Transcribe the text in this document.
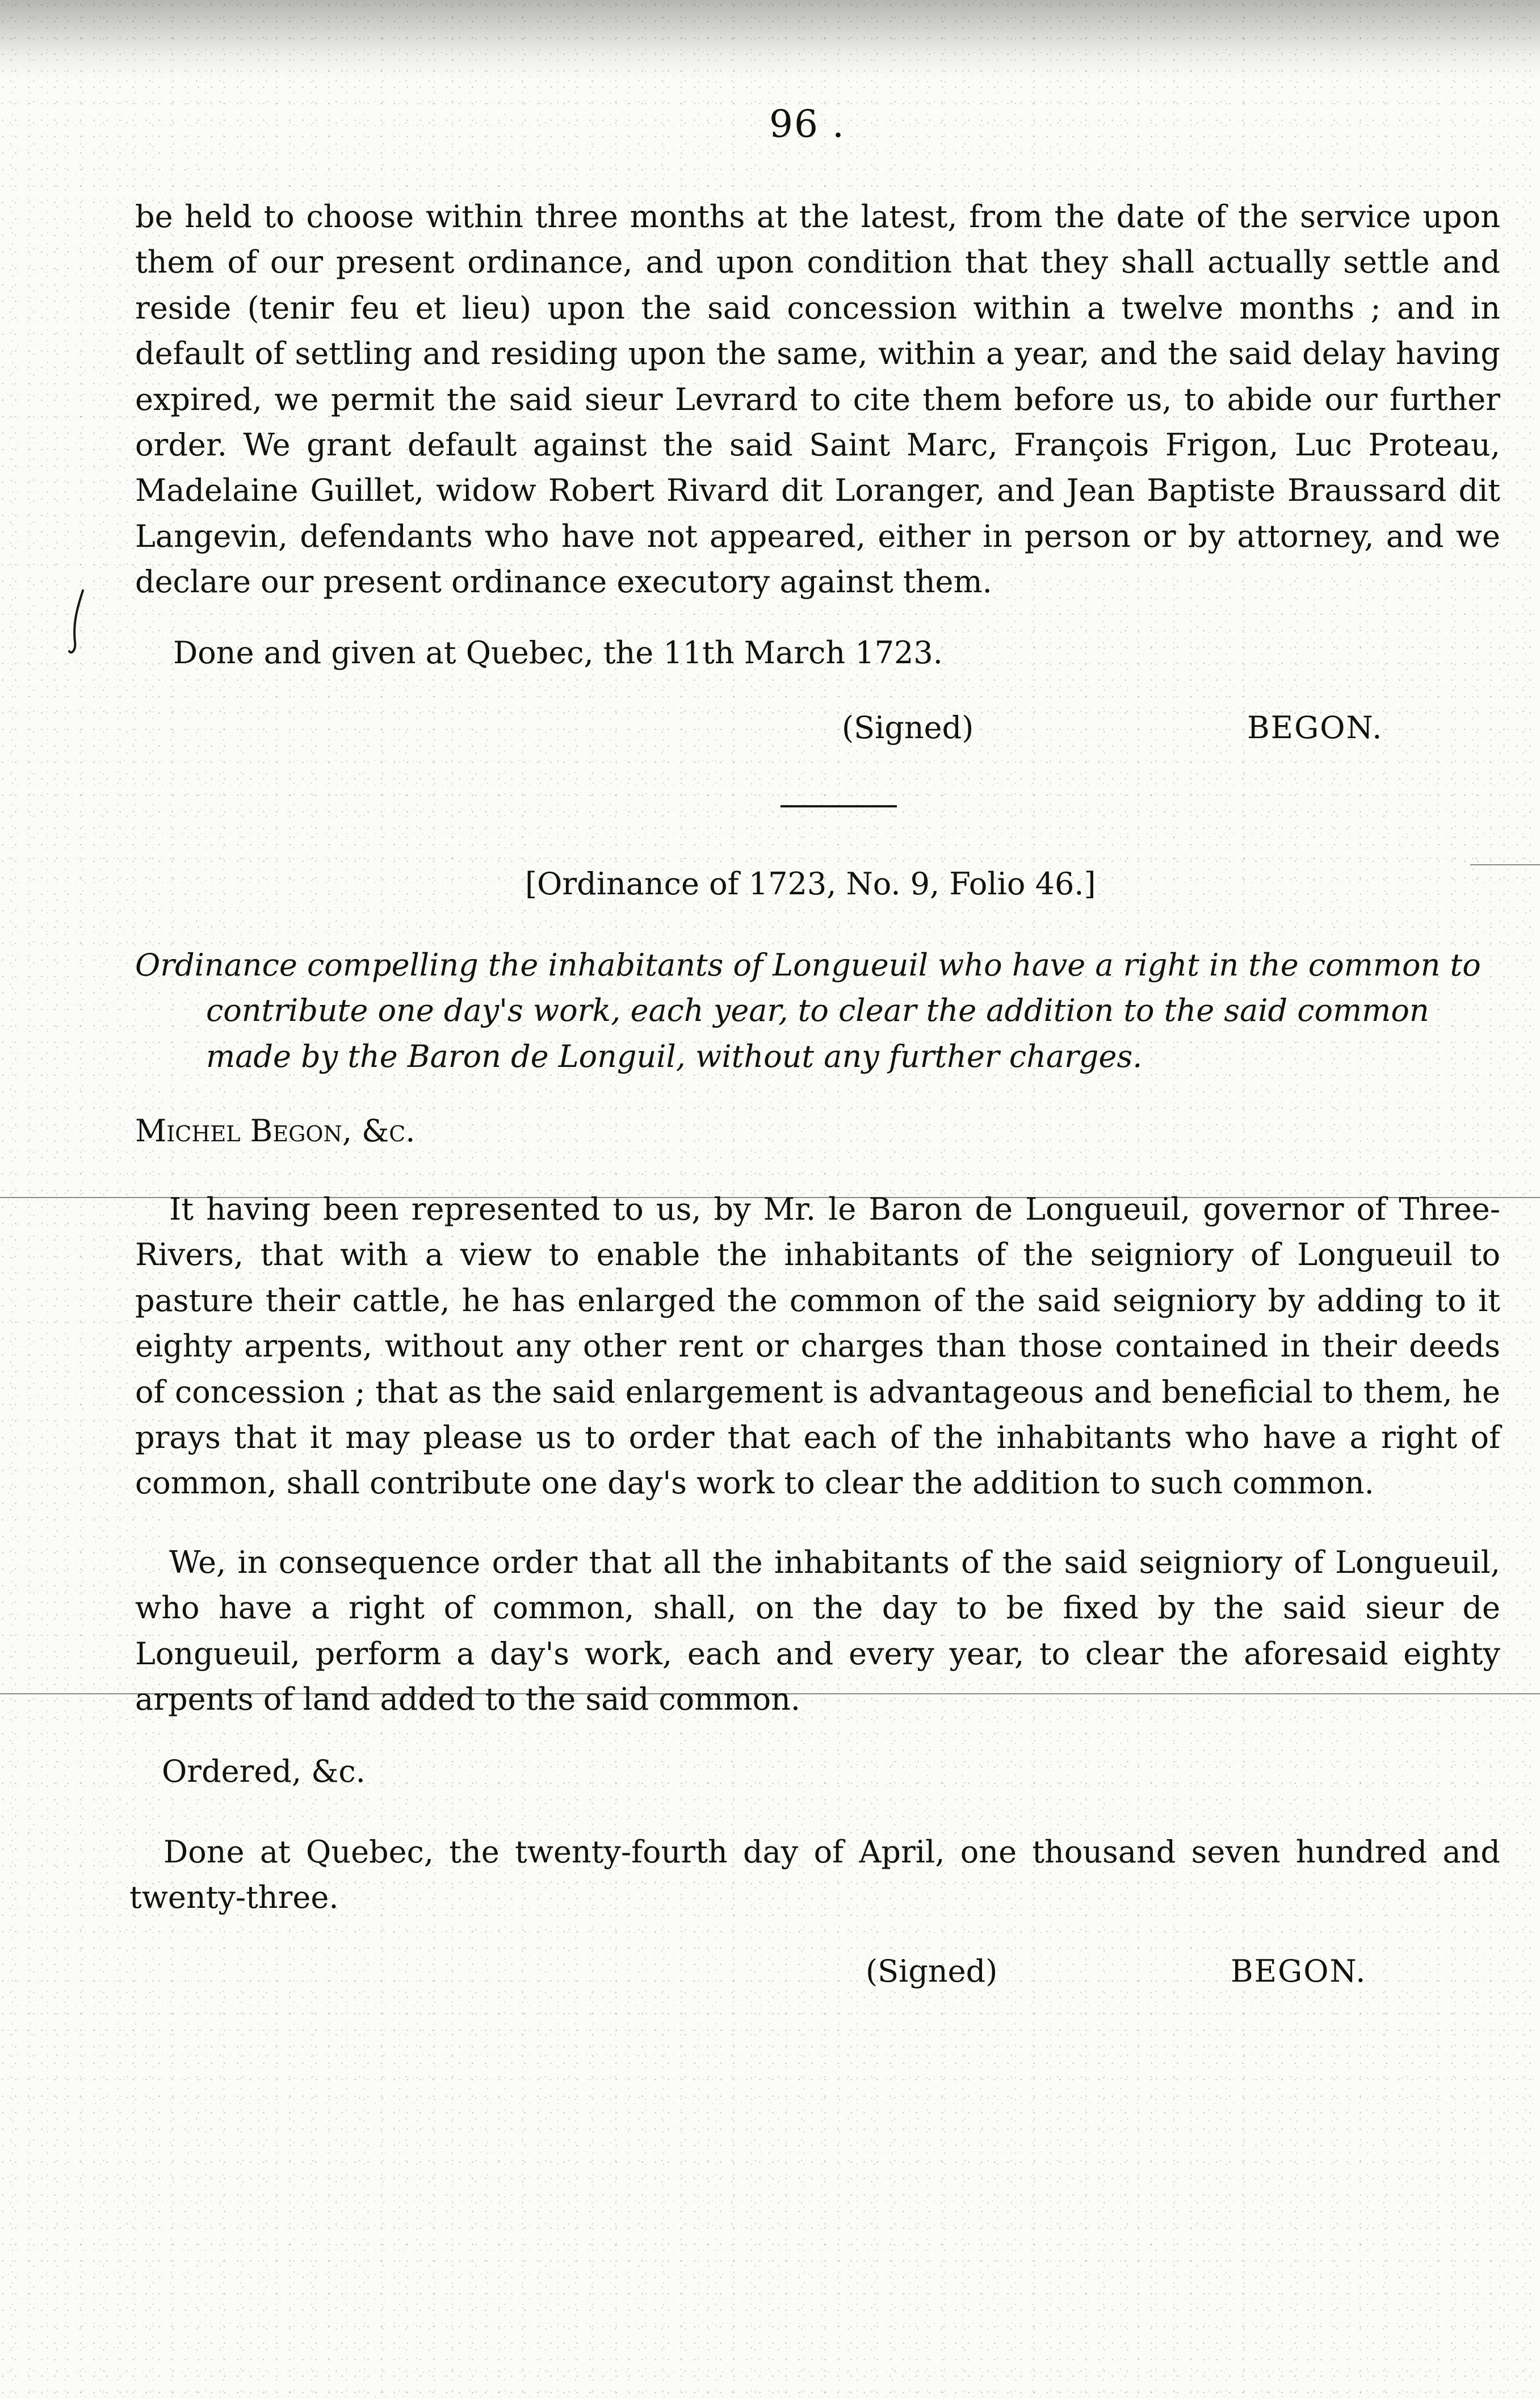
96 .

be held to choose within three months at the latest, from the date of the service upon them of our present ordinance, and upon condition that they shall actually settle and reside (tenir feu et lieu) upon the said concession within a twelve months ; and in default of settling and residing upon the same, within a year, and the said delay having expired, we permit the said sieur Levrard to cite them before us, to abide our further order. We grant default against the said Saint Marc, François Frigon, Luc Proteau, Madelaine Guillet, widow Robert Rivard dit Loranger, and Jean Baptiste Braussard dit Langevin, defendants who have not appeared, either in person or by attorney, and we declare our present ordinance executory against them.

Done and given at Quebec, the 11th March 1723.
(Signed)	BEGON.
[Ordinance of 1723, No. 9, Folio 46.]

Ordinance compelling the inhabitants of Longueuil who have a right in the common to contribute one day's work, each year, to clear the addition to the said common made by the Baron de Longuil, without any further charges.

Michel Begon, &c.

It having been represented to us, by Mr. le Baron de Longueuil, governor of Three-Rivers, that with a view to enable the inhabitants of the seigniory of Longueuil to pasture their cattle, he has enlarged the common of the said seigniory by adding to it eighty arpents, without any other rent or charges than those contained in their deeds of concession ; that as the said enlargement is advantageous and beneficial to them, he prays that it may please us to order that each of the inhabitants who have a right of common, shall contribute one day's work to clear the addition to such common.

We, in consequence order that all the inhabitants of the said seigniory of Longueuil, who have a right of common, shall, on the day to be fixed by the said sieur de Longueuil, perform a day's work, each and every year, to clear the aforesaid eighty arpents of land added to the said common.

Ordered, &c.

Done at Quebec, the twenty-fourth day of April, one thousand seven hundred and twenty-three.

(Signed)	BEGON.
